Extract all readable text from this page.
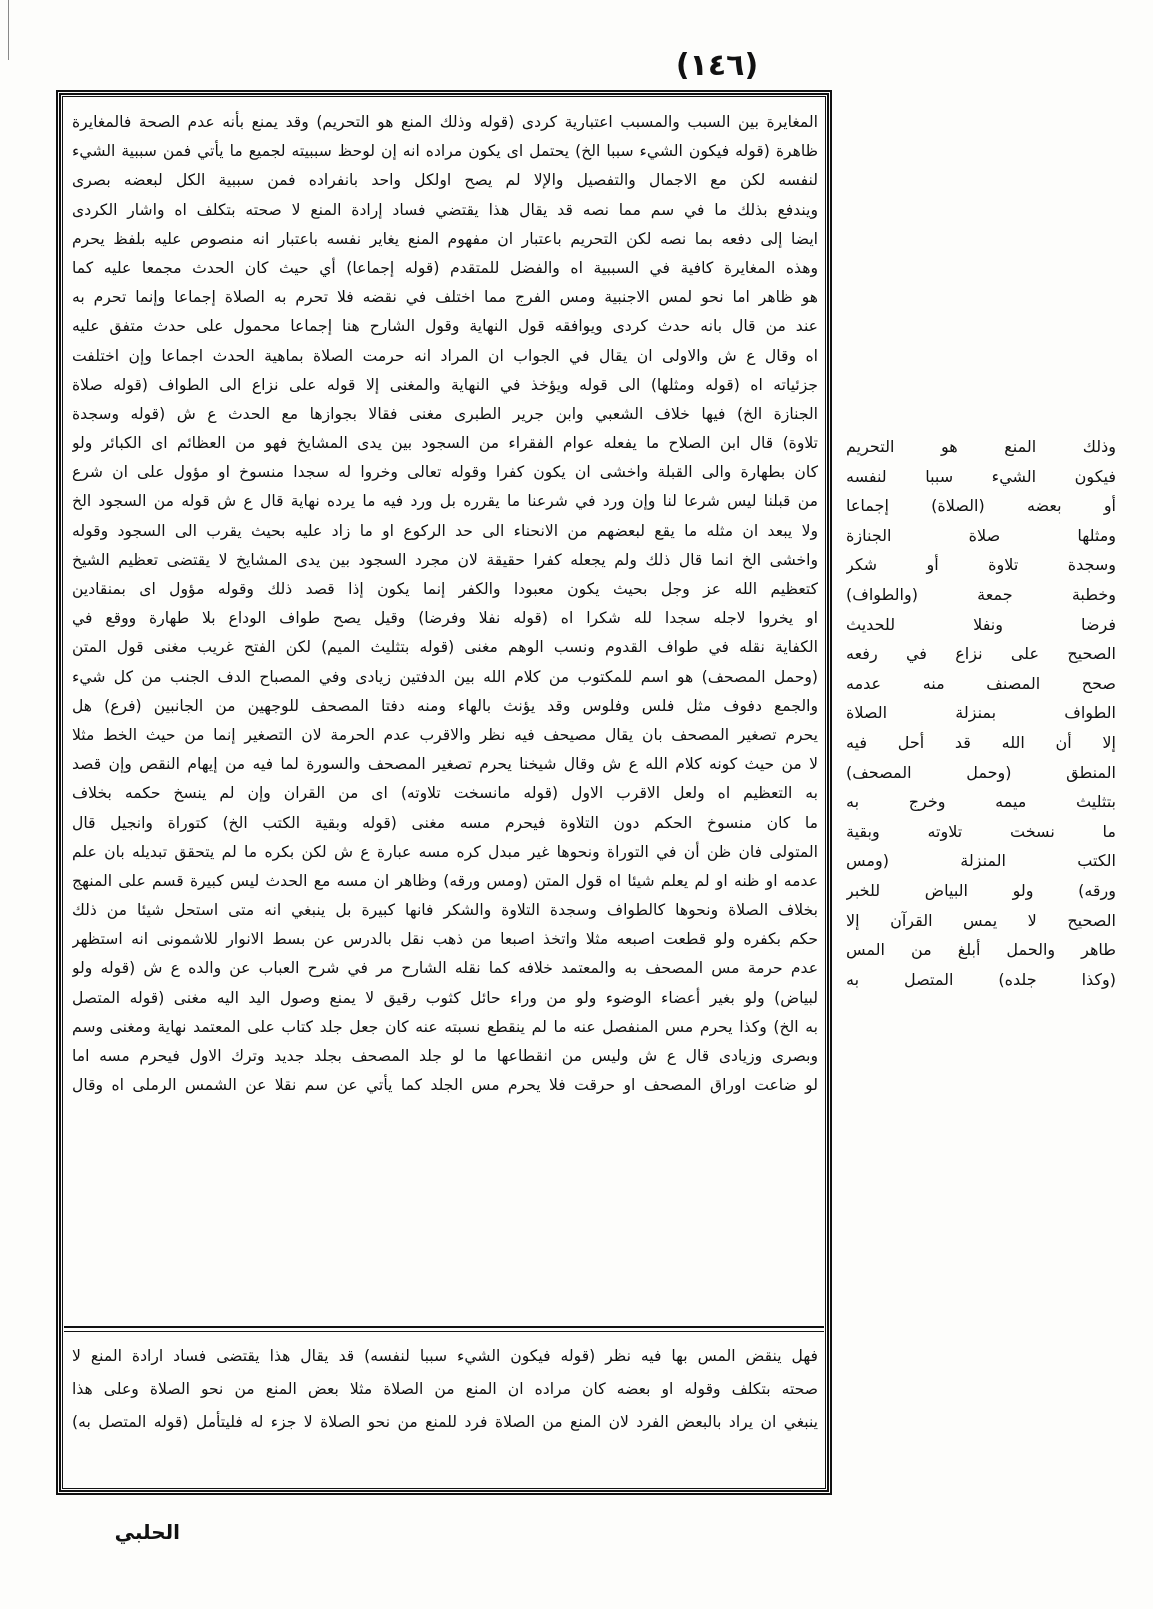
(١٤٦)
المغايرة بين السبب والمسبب اعتبارية كردى (قوله وذلك المنع هو التحريم) وقد يمنع بأنه عدم الصحة فالمغايرة
ظاهرة (قوله فيكون الشيء سببا الخ) يحتمل اى يكون مراده انه إن لوحظ سببيته لجميع ما يأتي فمن سببية الشيء
لنفسه لكن مع الاجمال والتفصيل والإلا لم يصح اولكل واحد بانفراده فمن سببية الكل لبعضه بصرى
ويندفع بذلك ما في سم مما نصه قد يقال هذا يقتضي فساد إرادة المنع لا صحته بتكلف اه واشار الكردى
ايضا إلى دفعه بما نصه لكن التحريم باعتبار ان مفهوم المنع يغاير نفسه باعتبار انه منصوص عليه بلفظ يحرم
وهذه المغايرة كافية في السببية اه والفضل للمتقدم (قوله إجماعا) أي حيث كان الحدث مجمعا عليه كما
هو ظاهر اما نحو لمس الاجنبية ومس الفرج مما اختلف في نقضه فلا تحرم به الصلاة إجماعا وإنما تحرم به
عند من قال بانه حدث كردى ويوافقه قول النهاية وقول الشارح هنا إجماعا محمول على حدث متفق عليه
اه وقال ع ش والاولى ان يقال في الجواب ان المراد انه حرمت الصلاة بماهية الحدث اجماعا وإن اختلفت
جزئياته اه (قوله ومثلها) الى قوله ويؤخذ في النهاية والمغنى إلا قوله على نزاع الى الطواف (قوله صلاة
الجنازة الخ) فيها خلاف الشعبي وابن جرير الطبرى مغنى فقالا بجوازها مع الحدث ع ش (قوله وسجدة
تلاوة) قال ابن الصلاح ما يفعله عوام الفقراء من السجود بين يدى المشايخ فهو من العظائم اى الكبائر ولو
كان بطهارة والى القبلة واخشى ان يكون كفرا وقوله تعالى وخروا له سجدا منسوخ او مؤول على ان شرع
من قبلنا ليس شرعا لنا وإن ورد في شرعنا ما يقرره بل ورد فيه ما يرده نهاية قال ع ش قوله من السجود الخ
ولا يبعد ان مثله ما يقع لبعضهم من الانحناء الى حد الركوع او ما زاد عليه بحيث يقرب الى السجود وقوله
واخشى الخ انما قال ذلك ولم يجعله كفرا حقيقة لان مجرد السجود بين يدى المشايخ لا يقتضى تعظيم الشيخ
كتعظيم الله عز وجل بحيث يكون معبودا والكفر إنما يكون إذا قصد ذلك وقوله مؤول اى بمنقادين
او يخروا لاجله سجدا لله شكرا اه (قوله نفلا وفرضا) وقيل يصح طواف الوداع بلا طهارة ووقع في
الكفاية نقله في طواف القدوم ونسب الوهم مغنى (قوله بتثليث الميم) لكن الفتح غريب مغنى قول المتن
(وحمل المصحف) هو اسم للمكتوب من كلام الله بين الدفتين زيادى وفي المصباح الدف الجنب من كل شيء
والجمع دفوف مثل فلس وفلوس وقد يؤنث بالهاء ومنه دفتا المصحف للوجهين من الجانبين (فرع) هل
يحرم تصغير المصحف بان يقال مصيحف فيه نظر والاقرب عدم الحرمة لان التصغير إنما من حيث الخط مثلا
لا من حيث كونه كلام الله ع ش وقال شيخنا يحرم تصغير المصحف والسورة لما فيه من إيهام النقص وإن قصد
به التعظيم اه ولعل الاقرب الاول (قوله مانسخت تلاوته) اى من القران وإن لم ينسخ حكمه بخلاف
ما كان منسوخ الحكم دون التلاوة فيحرم مسه مغنى (قوله وبقية الكتب الخ) كتوراة وانجيل قال
المتولى فان ظن أن في التوراة ونحوها غير مبدل كره مسه عبارة ع ش لكن بكره ما لم يتحقق تبديله بان علم
عدمه او ظنه او لم يعلم شيئا اه قول المتن (ومس ورقه) وظاهر ان مسه مع الحدث ليس كبيرة قسم على المنهج
بخلاف الصلاة ونحوها كالطواف وسجدة التلاوة والشكر فانها كبيرة بل ينبغي انه متى استحل شيئا من ذلك
حكم بكفره ولو قطعت اصبعه مثلا واتخذ اصبعا من ذهب نقل بالدرس عن بسط الانوار للاشمونى انه استظهر
عدم حرمة مس المصحف به والمعتمد خلافه كما نقله الشارح مر في شرح العباب عن والده ع ش (قوله ولو
لبياض) ولو بغير أعضاء الوضوء ولو من وراء حائل كثوب رقيق لا يمنع وصول اليد اليه مغنى (قوله المتصل
به الخ) وكذا يحرم مس المنفصل عنه ما لم ينقطع نسبته عنه كان جعل جلد كتاب على المعتمد نهاية ومغنى وسم
وبصرى وزيادى قال ع ش وليس من انقطاعها ما لو جلد المصحف بجلد جديد وترك الاول فيحرم مسه اما
لو ضاعت اوراق المصحف او حرقت فلا يحرم مس الجلد كما يأتي عن سم نقلا عن الشمس الرملى اه وقال
فهل ينقض المس بها فيه نظر (قوله فيكون الشيء سببا لنفسه) قد يقال هذا يقتضى فساد ارادة المنع لا
صحته بتكلف وقوله او بعضه كان مراده ان المنع من الصلاة مثلا بعض المنع من نحو الصلاة وعلى هذا
ينبغي ان يراد بالبعض الفرد لان المنع من الصلاة فرد للمنع من نحو الصلاة لا جزء له فليتأمل (قوله المتصل به)
وذلك المنع هو التحريم
فيكون الشيء سببا لنفسه
أو بعضه (الصلاة) إجماعا
ومثلها صلاة الجنازة
وسجدة تلاوة أو شكر
وخطبة جمعة (والطواف)
فرضا ونفلا للحديث
الصحيح على نزاع في رفعه
صحح المصنف منه عدمه
الطواف بمنزلة الصلاة
إلا أن الله قد أحل فيه
المنطق (وحمل المصحف)
بتثليث ميمه وخرج به
ما نسخت تلاوته وبقية
الكتب المنزلة (ومس
ورقه) ولو البياض للخبر
الصحيح لا يمس القرآن إلا
طاهر والحمل أبلغ من المس
(وكذا جلده) المتصل به
الحلبي
